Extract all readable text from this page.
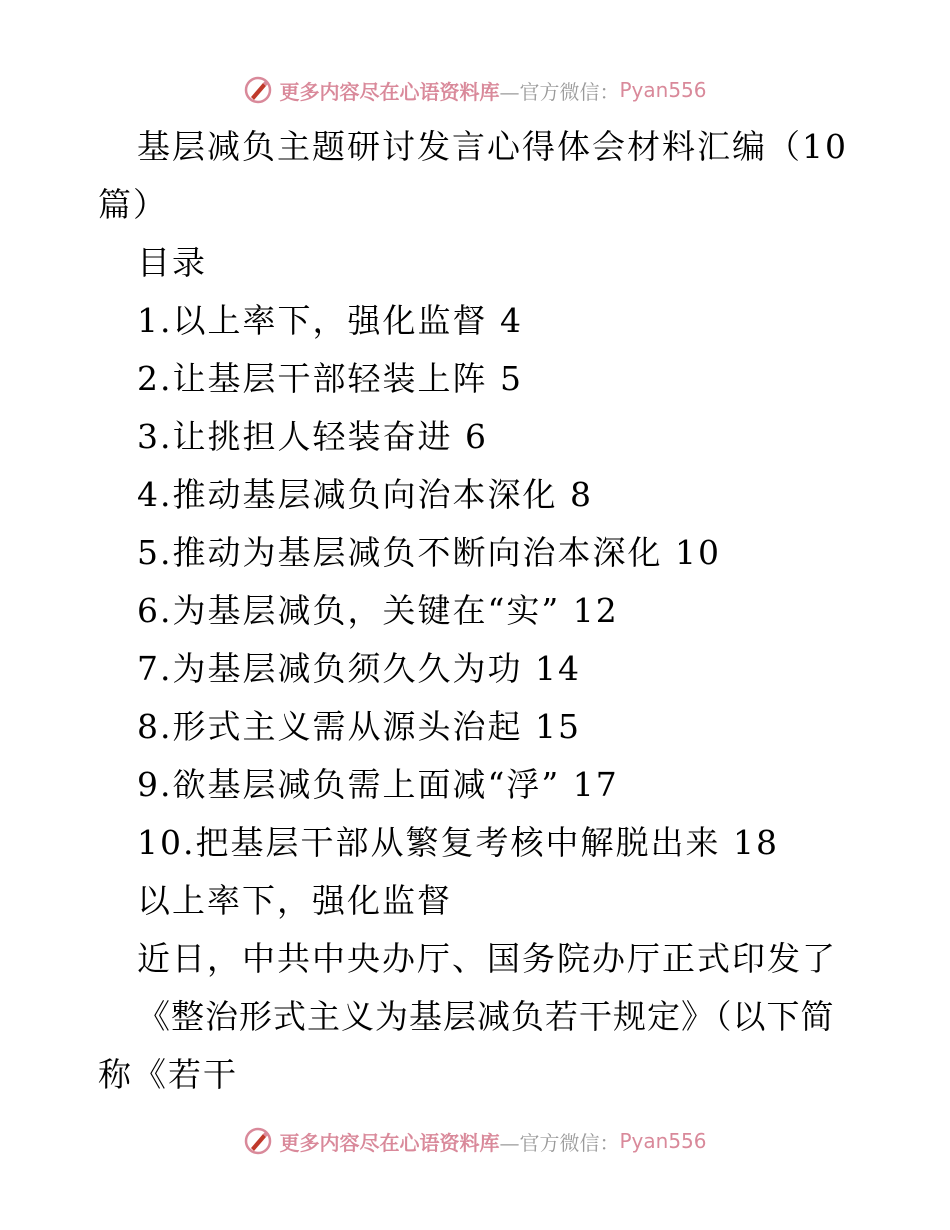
更多内容尽在心语资料库 —官方微信： Pyan556
基层减负主题研讨发言心得体会材料汇编（10
篇）
目录
1.以上率下，强化监督 4
2.让基层干部轻装上阵 5
3.让挑担人轻装奋进 6
4.推动基层减负向治本深化 8
5.推动为基层减负不断向治本深化 10
6.为基层减负，关键在“实” 12
7.为基层减负须久久为功 14
8.形式主义需从源头治起 15
9.欲基层减负需上面减“浮” 17
10.把基层干部从繁复考核中解脱出来 18
以上率下，强化监督
近日，中共中央办厅、国务院办厅正式印发了
《整治形式主义为基层减负若干规定》（以下简
称《若干
更多内容尽在心语资料库 —官方微信： Pyan556
